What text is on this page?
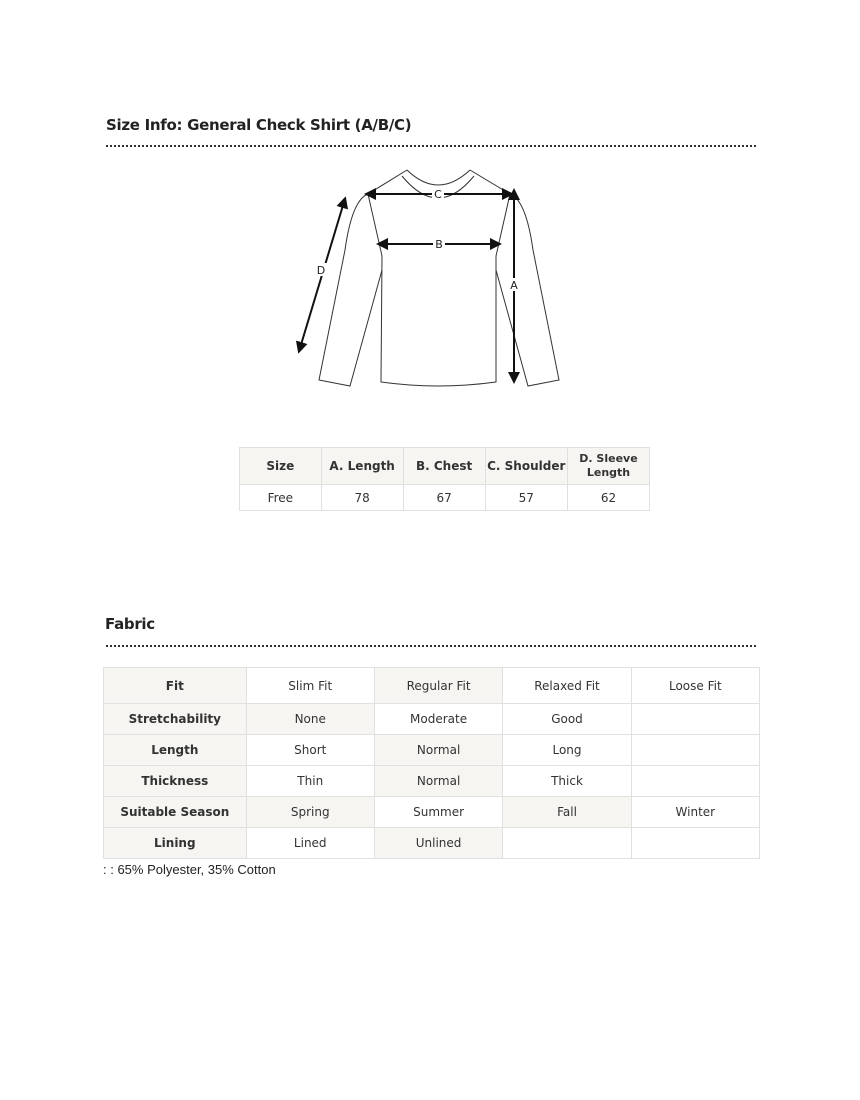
Size Info: General Check Shirt (A/B/C)
C
B
A
D
Size	A. Length	B. Chest	C. Shoulder	D. Sleeve Length
Free	78	67	57	62
Fabric
Fit	Slim Fit	Regular Fit	Relaxed Fit	Loose Fit
Stretchability	None	Moderate	Good	
Length	Short	Normal	Long	
Thickness	Thin	Normal	Thick	
Suitable Season	Spring	Summer	Fall	Winter
Lining	Lined	Unlined		
: : 65% Polyester, 35% Cotton
